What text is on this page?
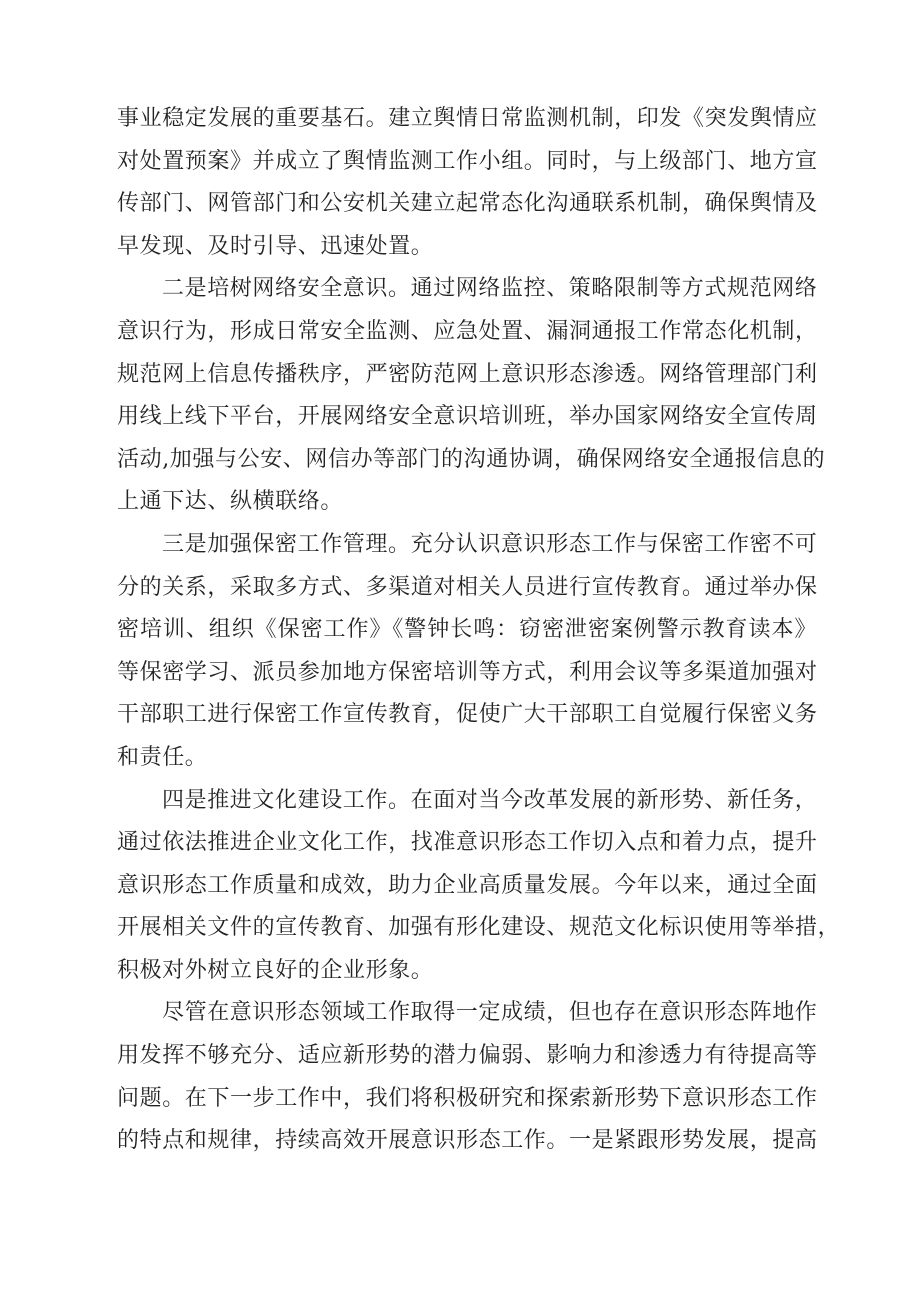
事业稳定发展的重要基石。建立舆情日常监测机制，印发《突发舆情应
对处置预案》并成立了舆情监测工作小组。同时，与上级部门、地方宣
传部门、网管部门和公安机关建立起常态化沟通联系机制，确保舆情及
早发现、及时引导、迅速处置。
二是培树网络安全意识。通过网络监控、策略限制等方式规范网络
意识行为，形成日常安全监测、应急处置、漏洞通报工作常态化机制，
规范网上信息传播秩序，严密防范网上意识形态渗透。网络管理部门利
用线上线下平台，开展网络安全意识培训班，举办国家网络安全宣传周
活动,加强与公安、网信办等部门的沟通协调，确保网络安全通报信息的
上通下达、纵横联络。
三是加强保密工作管理。充分认识意识形态工作与保密工作密不可
分的关系，采取多方式、多渠道对相关人员进行宣传教育。通过举办保
密培训、组织《保密工作》《警钟长鸣：窃密泄密案例警示教育读本》
等保密学习、派员参加地方保密培训等方式，利用会议等多渠道加强对
干部职工进行保密工作宣传教育，促使广大干部职工自觉履行保密义务
和责任。
四是推进文化建设工作。在面对当今改革发展的新形势、新任务，
通过依法推进企业文化工作，找准意识形态工作切入点和着力点，提升
意识形态工作质量和成效，助力企业高质量发展。今年以来，通过全面
开展相关文件的宣传教育、加强有形化建设、规范文化标识使用等举措，
积极对外树立良好的企业形象。
尽管在意识形态领域工作取得一定成绩，但也存在意识形态阵地作
用发挥不够充分、适应新形势的潜力偏弱、影响力和渗透力有待提高等
问题。在下一步工作中，我们将积极研究和探索新形势下意识形态工作
的特点和规律，持续高效开展意识形态工作。一是紧跟形势发展，提高
